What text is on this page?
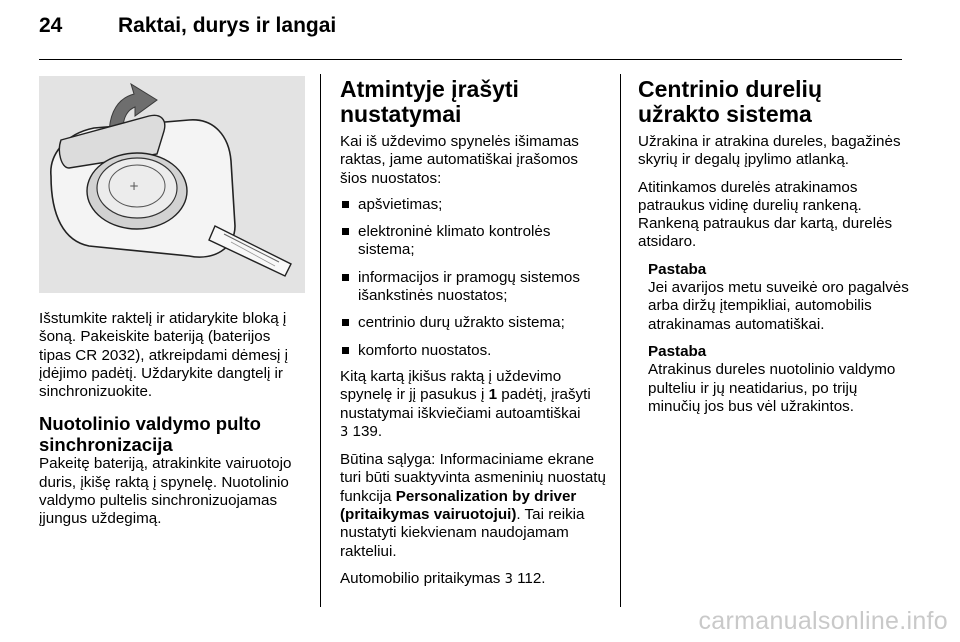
24	Raktai, durys ir langai
+

Išstumkite raktelį ir atidarykite bloką į šoną. Pakeiskite bateriją (baterijos tipas CR 2032), atkreipdami dėmesį į įdėjimo padėtį. Uždarykite dangtelį ir sinchronizuokite.

Nuotolinio valdymo pulto
sinchronizacija

Pakeitę bateriją, atrakinkite vairuotojo duris, įkišę raktą į spynelę. Nuotolinio valdymo pultelis sinchronizuojamas įjungus uždegimą.

Atmintyje įrašyti nustatymai

Kai iš uždevimo spynelės išimamas raktas, jame automatiškai įrašomos šios nuostatos:

apšvietimas;
elektroninė klimato kontrolės sistema;
informacijos ir pramogų sistemos išankstinės nuostatos;
centrinio durų užrakto sistema;
komforto nuostatos.

Kitą kartą įkišus raktą į uždevimo spynelę ir jį pasukus į 1 padėtį, įrašyti nustatymai iškviečiami autoamtiškai
3 139.

Būtina sąlyga: Informaciniame ekrane turi būti suaktyvinta asmeninių nuostatų funkcija Personalization by driver (pritaikymas vairuotojui). Tai reikia nustatyti kiekvienam naudojamam rakteliui.

Automobilio pritaikymas 3 112.

Centrinio durelių užrakto sistema

Užrakina ir atrakina dureles, bagažinės skyrių ir degalų įpylimo atlanką.

Atitinkamos durelės atrakinamos patraukus vidinę durelių rankeną. Rankeną patraukus dar kartą, durelės atsidaro.

Pastaba
Jei avarijos metu suveikė oro pagalvės arba diržų įtempikliai, automobilis atrakinamas automatiškai.
Pastaba
Atrakinus dureles nuotolinio valdymo pulteliu ir jų neatidarius, po trijų minučių jos bus vėl užrakintos.
carmanualsonline.info
